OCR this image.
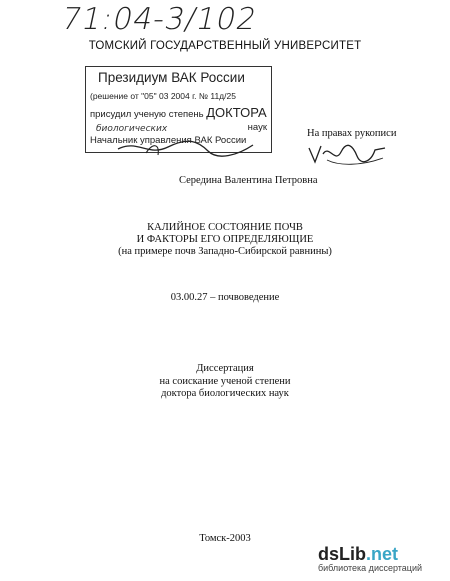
71:04-3/102
ТОМСКИЙ ГОСУДАРСТВЕННЫЙ УНИВЕРСИТЕТ
Президиум ВАК России
(решение от "05" 03 2004 г. № 11д/25
присудил ученую степень ДОКТОРА
биологических	наук
Начальник управления ВАК России
На правах рукописи
Середина Валентина Петровна
КАЛИЙНОЕ СОСТОЯНИЕ ПОЧВ
И ФАКТОРЫ ЕГО ОПРЕДЕЛЯЮЩИЕ
(на примере почв Западно-Сибирской равнины)
03.00.27 – почвоведение
Диссертация
на соискание ученой степени
доктора биологических наук
Томск-2003
dsLib.net
библиотека диссертаций
